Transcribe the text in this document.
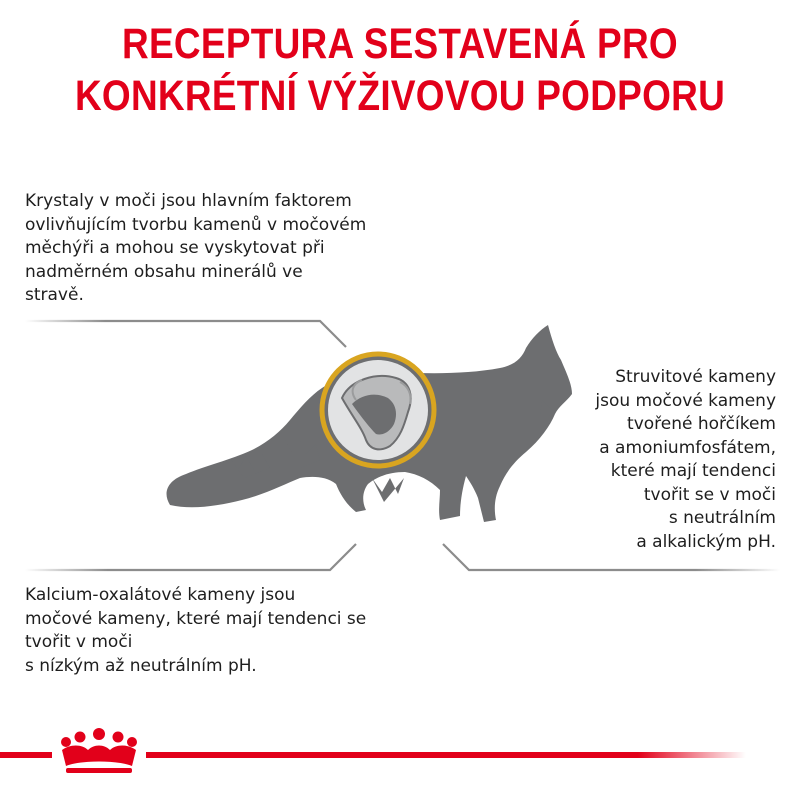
RECEPTURA SESTAVENÁ PRO
KONKRÉTNÍ VÝŽIVOVOU PODPORU
Krystaly v moči jsou hlavním faktorem
ovlivňujícím tvorbu kamenů v močovém
měchýři a mohou se vyskytovat při
nadměrném obsahu minerálů ve
stravě.
Struvitové kameny
jsou močové kameny
tvořené hořčíkem
a amoniumfosfátem,
které mají tendenci
tvořit se v moči
s neutrálním
a alkalickým pH.
Kalcium-oxalátové kameny jsou
močové kameny, které mají tendenci se
tvořit v moči
s nízkým až neutrálním pH.
